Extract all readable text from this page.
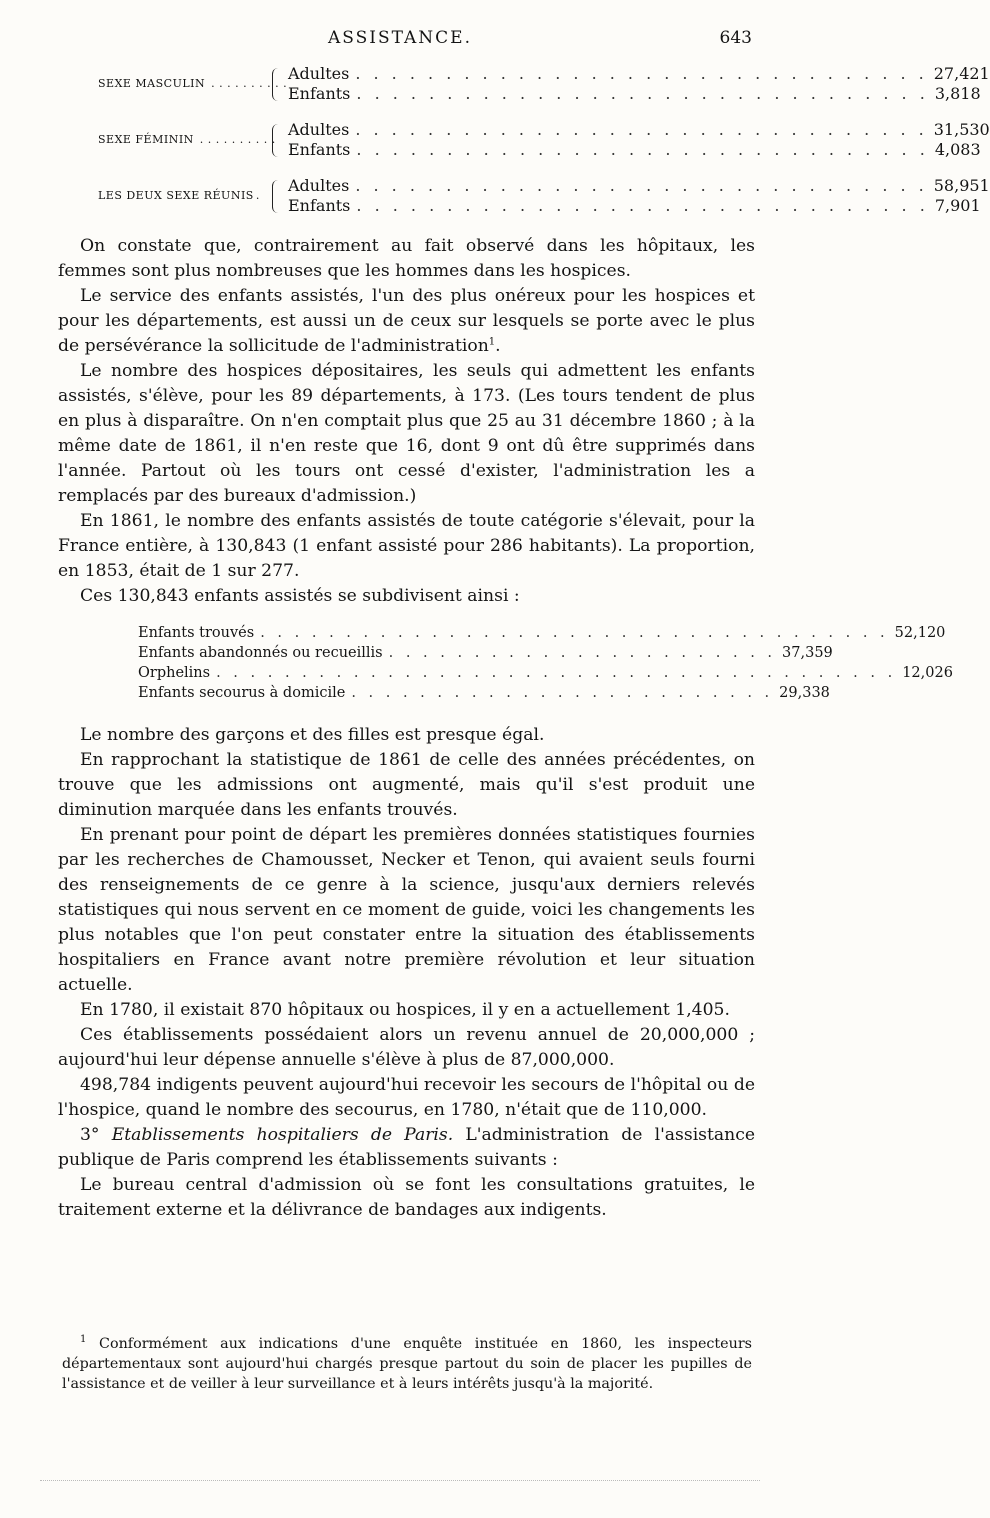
ASSISTANCE.	643
SEXE MASCULIN . . . . . . . . . .
Adultes . . . . . . . . . . . . . . . . . . . . . . . . . . . . . . . . 27,421
Enfants . . . . . . . . . . . . . . . . . . . . . . . . . . . . . . . . 3,818
SEXE FÉMININ . . . . . . . . . .
Adultes . . . . . . . . . . . . . . . . . . . . . . . . . . . . . . . . 31,530
Enfants . . . . . . . . . . . . . . . . . . . . . . . . . . . . . . . . 4,083
LES DEUX SEXE RÉUNIS .
Adultes . . . . . . . . . . . . . . . . . . . . . . . . . . . . . . . . 58,951
Enfants . . . . . . . . . . . . . . . . . . . . . . . . . . . . . . . . 7,901

On constate que, contrairement au fait observé dans les hôpitaux, les femmes sont plus nombreuses que les hommes dans les hospices.

Le service des enfants assistés, l'un des plus onéreux pour les hospices et pour les départements, est aussi un de ceux sur lesquels se porte avec le plus de persévérance la sollicitude de l'administration$^1$.

Le nombre des hospices dépositaires, les seuls qui admettent les enfants assistés, s'élève, pour les 89 départements, à 173. (Les tours tendent de plus en plus à disparaître. On n'en comptait plus que 25 au 31 décembre 1860 ; à la même date de 1861, il n'en reste que 16, dont 9 ont dû être supprimés dans l'année. Partout où les tours ont cessé d'exister, l'administration les a remplacés par des bureaux d'admission.)

En 1861, le nombre des enfants assistés de toute catégorie s'élevait, pour la France entière, à 130,843 (1 enfant assisté pour 286 habitants). La proportion, en 1853, était de 1 sur 277.

Ces 130,843 enfants assistés se subdivisent ainsi :

Enfants trouvés . . . . . . . . . . . . . . . . . . . . . . . . . . . . . . . . . . . . . 52,120
Enfants abandonnés ou recueillis . . . . . . . . . . . . . . . . . . . . . . . 37,359
Orphelins . . . . . . . . . . . . . . . . . . . . . . . . . . . . . . . . . . . . . . . . 12,026
Enfants secourus à domicile . . . . . . . . . . . . . . . . . . . . . . . . . 29,338

Le nombre des garçons et des filles est presque égal.

En rapprochant la statistique de 1861 de celle des années précédentes, on trouve que les admissions ont augmenté, mais qu'il s'est produit une diminution marquée dans les enfants trouvés.

En prenant pour point de départ les premières données statistiques fournies par les recherches de Chamousset, Necker et Tenon, qui avaient seuls fourni des renseignements de ce genre à la science, jusqu'aux derniers relevés statistiques qui nous servent en ce moment de guide, voici les changements les plus notables que l'on peut constater entre la situation des établissements hospitaliers en France avant notre première révolution et leur situation actuelle.

En 1780, il existait 870 hôpitaux ou hospices, il y en a actuellement 1,405.

Ces établissements possédaient alors un revenu annuel de 20,000,000 ; aujourd'hui leur dépense annuelle s'élève à plus de 87,000,000.

498,784 indigents peuvent aujourd'hui recevoir les secours de l'hôpital ou de l'hospice, quand le nombre des secourus, en 1780, n'était que de 110,000.

3° Etablissements hospitaliers de Paris. L'administration de l'assistance publique de Paris comprend les établissements suivants :

Le bureau central d'admission où se font les consultations gratuites, le traitement externe et la délivrance de bandages aux indigents.

$^1$ Conformément aux indications d'une enquête instituée en 1860, les inspecteurs départementaux sont aujourd'hui chargés presque partout du soin de placer les pupilles de l'assistance et de veiller à leur surveillance et à leurs intérêts jusqu'à la majorité.
